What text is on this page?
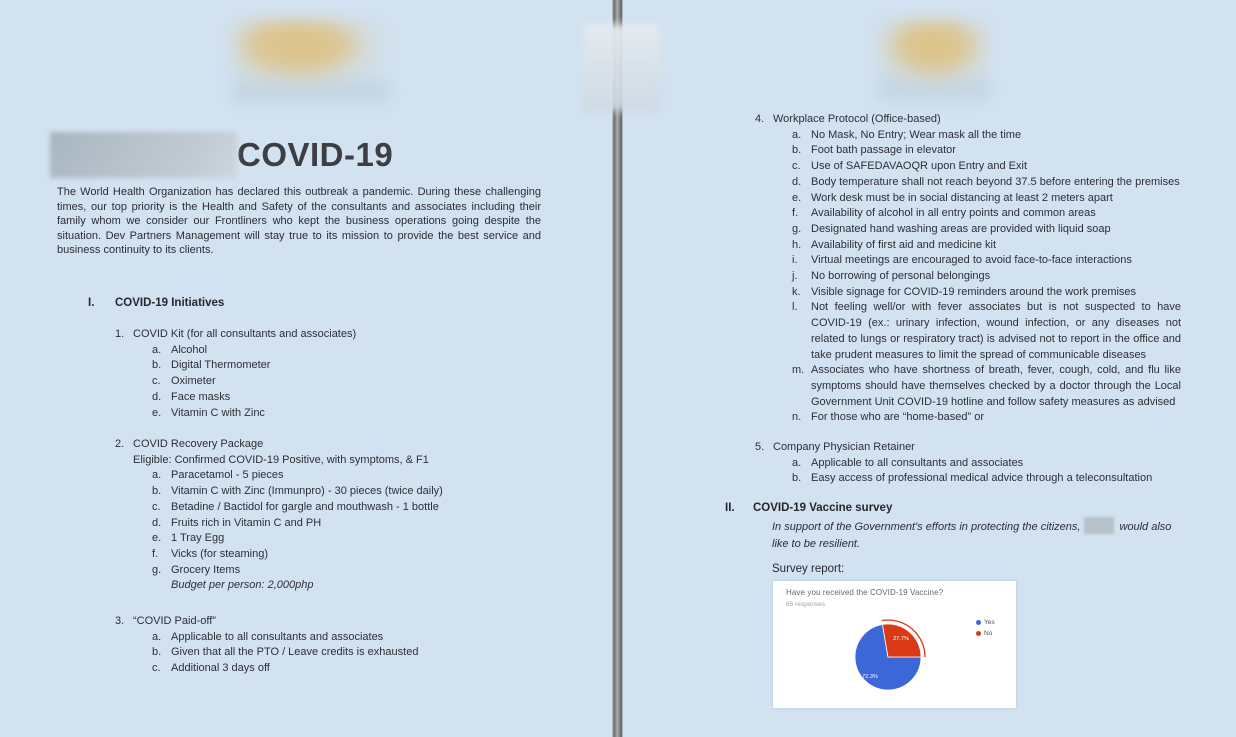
COVID-19
The World Health Organization has declared this outbreak a pandemic. During these challenging times, our top priority is the Health and Safety of the consultants and associates including their family whom we consider our Frontliners who kept the business operations going despite the situation. Dev Partners Management will stay true to its mission to provide the best service and business continuity to its clients.
I.	COVID-19 Initiatives
1. COVID Kit (for all consultants and associates)
Alcohol
Digital Thermometer
Oximeter
Face masks
Vitamin C with Zinc
2. COVID Recovery Package
Eligible: Confirmed COVID-19 Positive, with symptoms, & F1
Paracetamol - 5 pieces
Vitamin C with Zinc (Immunpro) - 30 pieces (twice daily)
Betadine / Bactidol for gargle and mouthwash - 1 bottle
Fruits rich in Vitamin C and PH
1 Tray Egg
Vicks (for steaming)
Grocery Items
Budget per person: 2,000php
3. “COVID Paid-off”
Applicable to all consultants and associates
Given that all the PTO / Leave credits is exhausted
Additional 3 days off
4. Workplace Protocol (Office-based)
No Mask, No Entry; Wear mask all the time
Foot bath passage in elevator
Use of SAFEDAVAOQR upon Entry and Exit
Body temperature shall not reach beyond 37.5 before entering the premises
Work desk must be in social distancing at least 2 meters apart
Availability of alcohol in all entry points and common areas
Designated hand washing areas are provided with liquid soap
Availability of first aid and medicine kit
Virtual meetings are encouraged to avoid face-to-face interactions
No borrowing of personal belongings
Visible signage for COVID-19 reminders around the work premises
Not feeling well/or with fever associates but is not suspected to have COVID-19 (ex.: urinary infection, wound infection, or any diseases not related to lungs or respiratory tract) is advised not to report in the office and take prudent measures to limit the spread of communicable diseases
Associates who have shortness of breath, fever, cough, cold, and flu like symptoms should have themselves checked by a doctor through the Local Government Unit COVID-19 hotline and follow safety measures as advised
For those who are “home-based” or
5. Company Physician Retainer
Applicable to all consultants and associates
Easy access of professional medical advice through a teleconsultation
II.	COVID-19 Vaccine survey
In support of the Government's efforts in protecting the citizens,	would also like to be resilient.
Survey report:
Have you received the COVID-19 Vaccine?
65 responses
27.7%
72.3%
Yes
No
